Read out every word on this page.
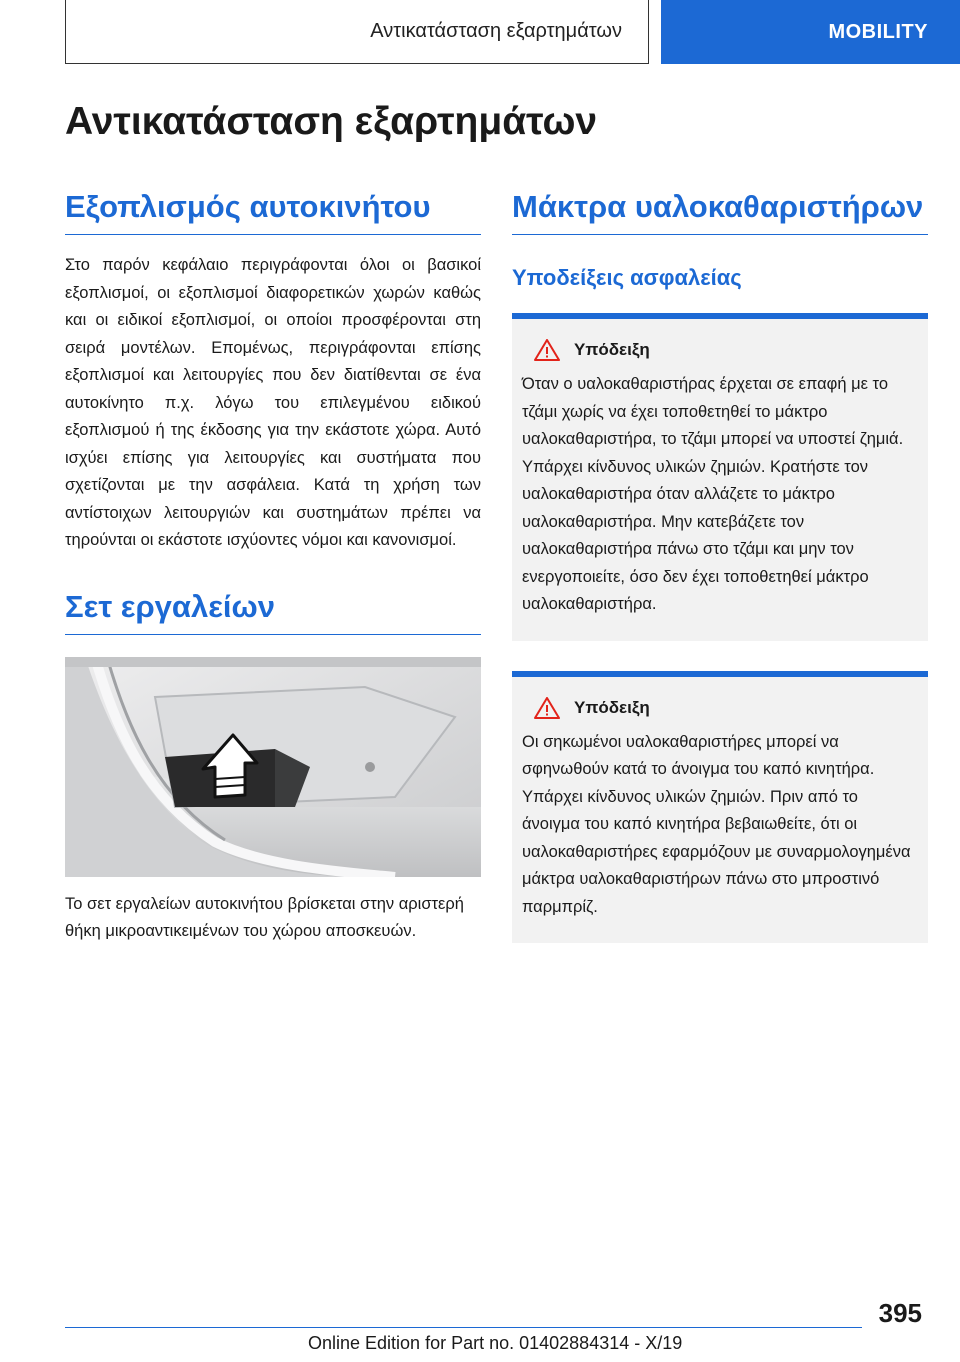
Αντικατάσταση εξαρτημάτων	MOBILITY
Αντικατάσταση εξαρτημάτων
Εξοπλισμός αυτοκινήτου

Στο παρόν κεφάλαιο περιγράφονται όλοι οι βασικοί εξοπλισμοί, οι εξοπλισμοί διαφορετικών χωρών καθώς και οι ειδικοί εξοπλισμοί, οι οποίοι προσφέρονται στη σειρά μοντέλων. Επομένως, περιγράφονται επίσης εξοπλισμοί και λειτουργίες που δεν διατίθενται σε ένα αυτοκίνητο π.χ. λόγω του επιλεγμένου ειδικού εξοπλισμού ή της έκδοσης για την εκάστοτε χώρα. Αυτό ισχύει επίσης για λειτουργίες και συστήματα που σχετίζονται με την ασφάλεια. Κατά τη χρήση των αντίστοιχων λειτουργιών και συστημάτων πρέπει να τηρούνται οι εκάστοτε ισχύοντες νόμοι και κανονισμοί.

Σετ εργαλείων

Το σετ εργαλείων αυτοκινήτου βρίσκεται στην αριστερή θήκη μικροαντικειμένων του χώρου αποσκευών.

Μάκτρα υαλοκαθαριστήρων
Υποδείξεις ασφαλείας
Υπόδειξη

Όταν ο υαλοκαθαριστήρας έρχεται σε επαφή με το τζάμι χωρίς να έχει τοποθετηθεί το μάκτρο υαλοκαθαριστήρα, το τζάμι μπορεί να υποστεί ζημιά. Υπάρχει κίνδυνος υλικών ζημιών. Κρατήστε τον υαλοκαθαριστήρα όταν αλλάζετε το μάκτρο υαλοκαθαριστήρα. Μην κατεβάζετε τον υαλοκαθαριστήρα πάνω στο τζάμι και μην τον ενεργοποιείτε, όσο δεν έχει τοποθετηθεί μάκτρο υαλοκαθαριστήρα.

Υπόδειξη

Οι σηκωμένοι υαλοκαθαριστήρες μπορεί να σφηνωθούν κατά το άνοιγμα του καπό κινητήρα. Υπάρχει κίνδυνος υλικών ζημιών. Πριν από το άνοιγμα του καπό κινητήρα βεβαιωθείτε, ότι οι υαλοκαθαριστήρες εφαρμόζουν με συναρμολογημένα μάκτρα υαλοκαθαριστήρων πάνω στο μπροστινό παρμπρίζ.

395
Online Edition for Part no. 01402884314 - X/19
